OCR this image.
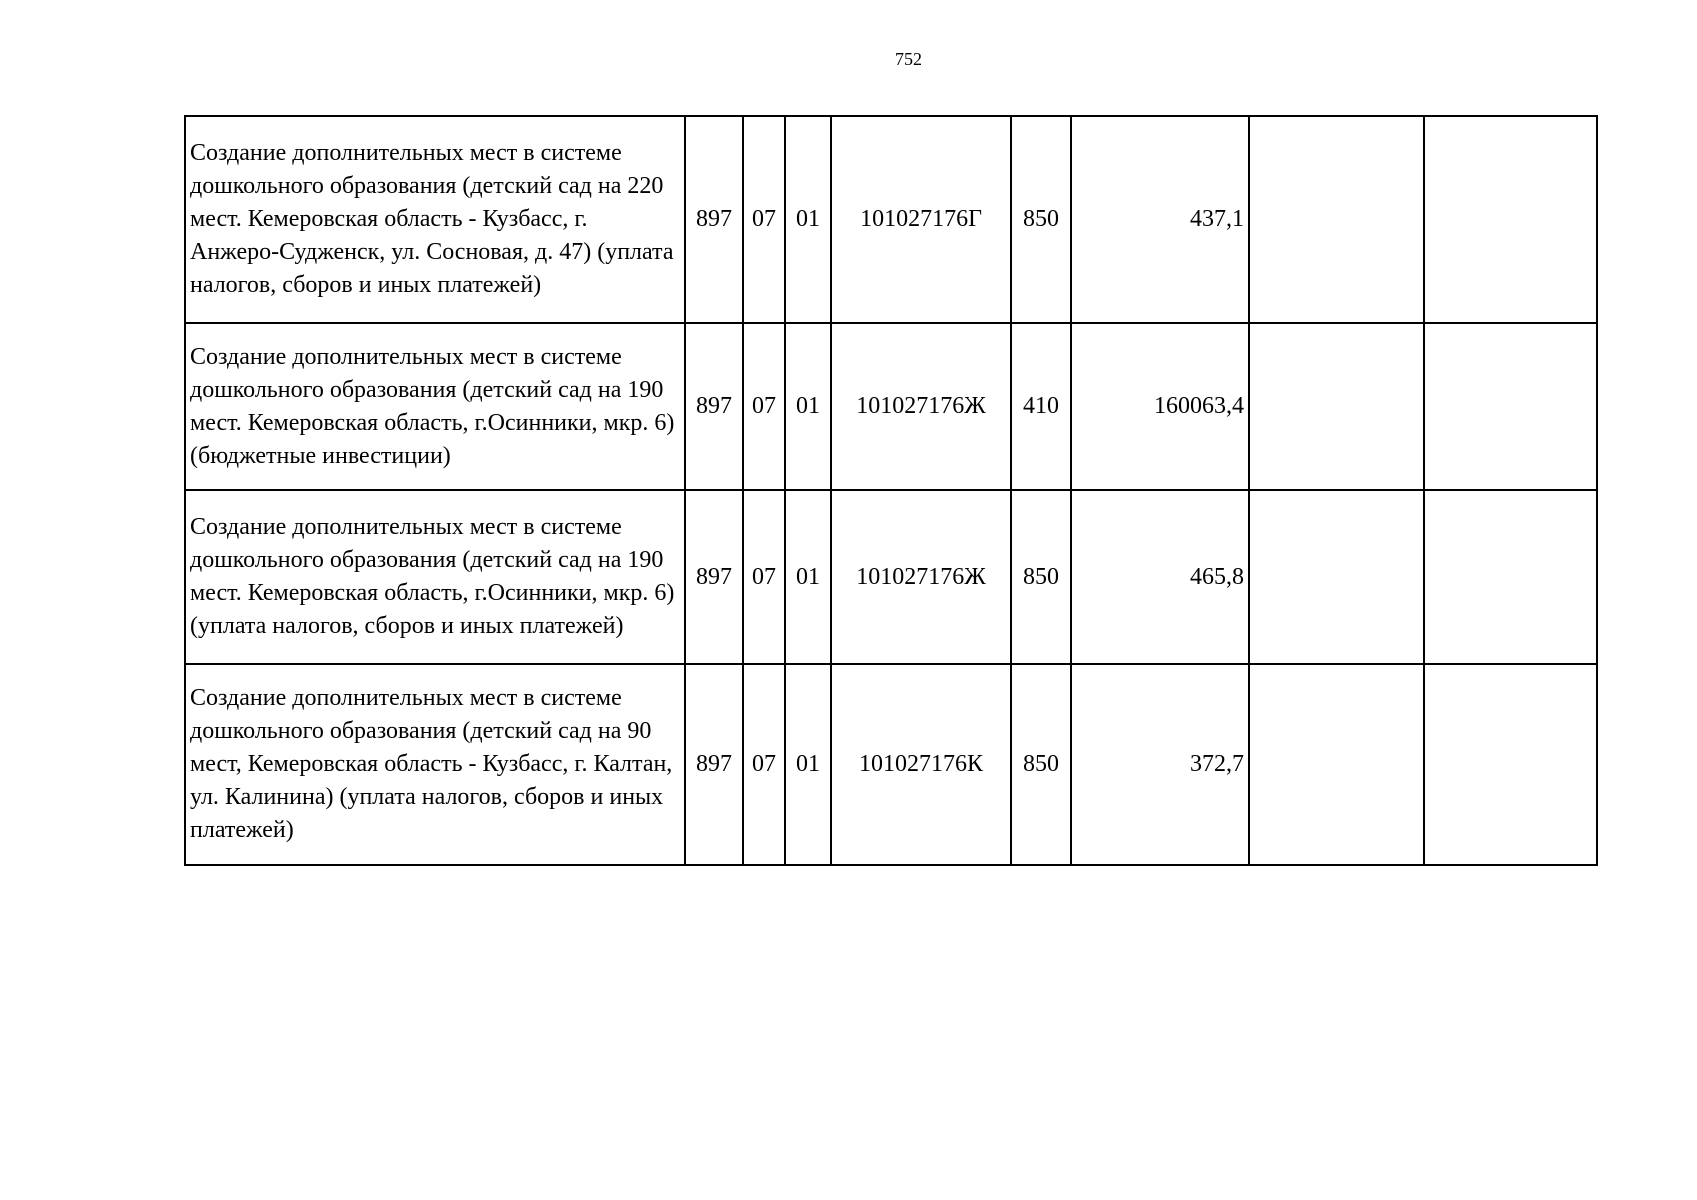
752
Создание дополнительных мест в системе дошкольного образования (детский сад на 220 мест. Кемеровская область - Кузбасс, г. Анжеро-Судженск, ул. Сосновая, д. 47) (уплата налогов, сборов и иных платежей)	897	07	01	101027176Г	850	437,1		
Создание дополнительных мест в системе дошкольного образования (детский сад на 190 мест. Кемеровская область, г.Осинники, мкр. 6) (бюджетные инвестиции)	897	07	01	101027176Ж	410	160063,4		
Создание дополнительных мест в системе дошкольного образования (детский сад на 190 мест. Кемеровская область, г.Осинники, мкр. 6) (уплата налогов, сборов и иных платежей)	897	07	01	101027176Ж	850	465,8		
Создание дополнительных мест в системе дошкольного образования (детский сад на 90 мест, Кемеровская область - Кузбасс, г. Калтан, ул. Калинина) (уплата налогов, сборов и иных платежей)	897	07	01	101027176К	850	372,7		
